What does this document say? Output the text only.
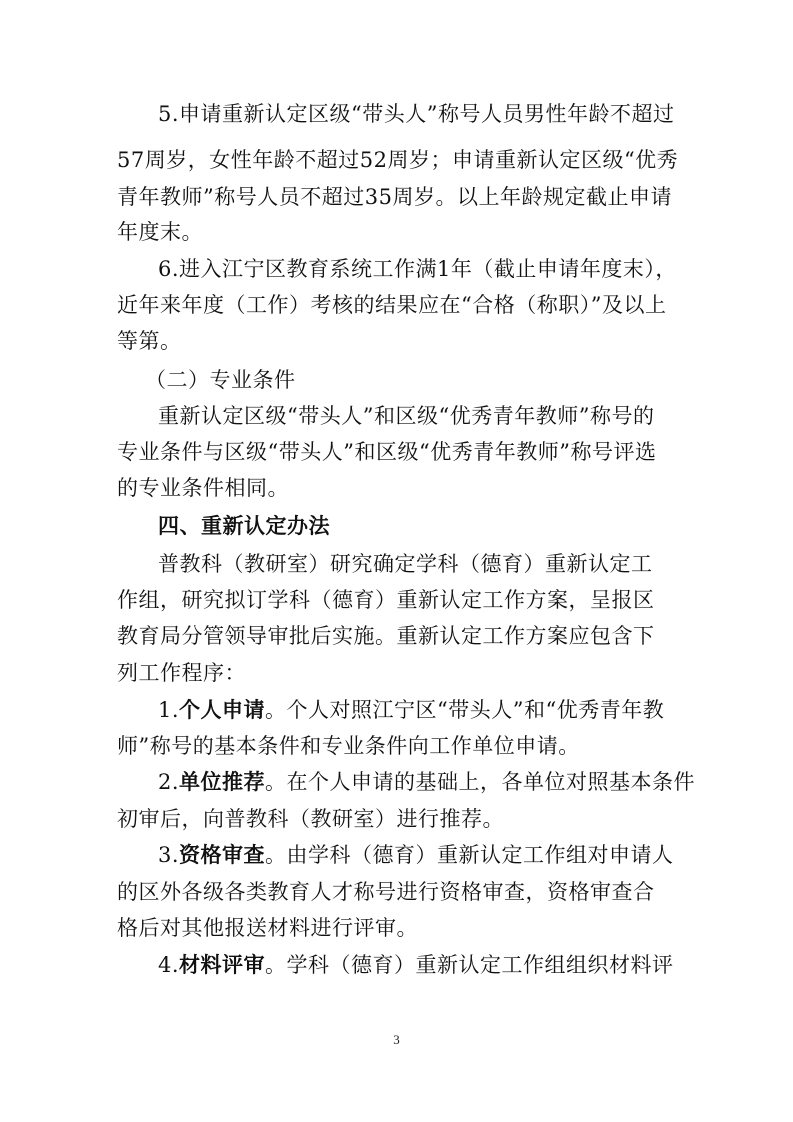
5.申请重新认定区级“带头人”称号人员男性年龄不超过
57周岁，女性年龄不超过52周岁；申请重新认定区级“优秀
青年教师”称号人员不超过35周岁。以上年龄规定截止申请
年度末。
6.进入江宁区教育系统工作满1年（截止申请年度末），
近年来年度（工作）考核的结果应在“合格（称职）”及以上
等第。
（二）专业条件
重新认定区级“带头人”和区级“优秀青年教师”称号的
专业条件与区级“带头人”和区级“优秀青年教师”称号评选
的专业条件相同。
四、重新认定办法
普教科（教研室）研究确定学科（德育）重新认定工
作组，研究拟订学科（德育）重新认定工作方案，呈报区
教育局分管领导审批后实施。重新认定工作方案应包含下
列工作程序：
1.个人申请。个人对照江宁区“带头人”和“优秀青年教
师”称号的基本条件和专业条件向工作单位申请。
2.单位推荐。在个人申请的基础上，各单位对照基本条件
初审后，向普教科（教研室）进行推荐。
3.资格审查。由学科（德育）重新认定工作组对申请人
的区外各级各类教育人才称号进行资格审查，资格审查合
格后对其他报送材料进行评审。
4.材料评审。学科（德育）重新认定工作组组织材料评
3
